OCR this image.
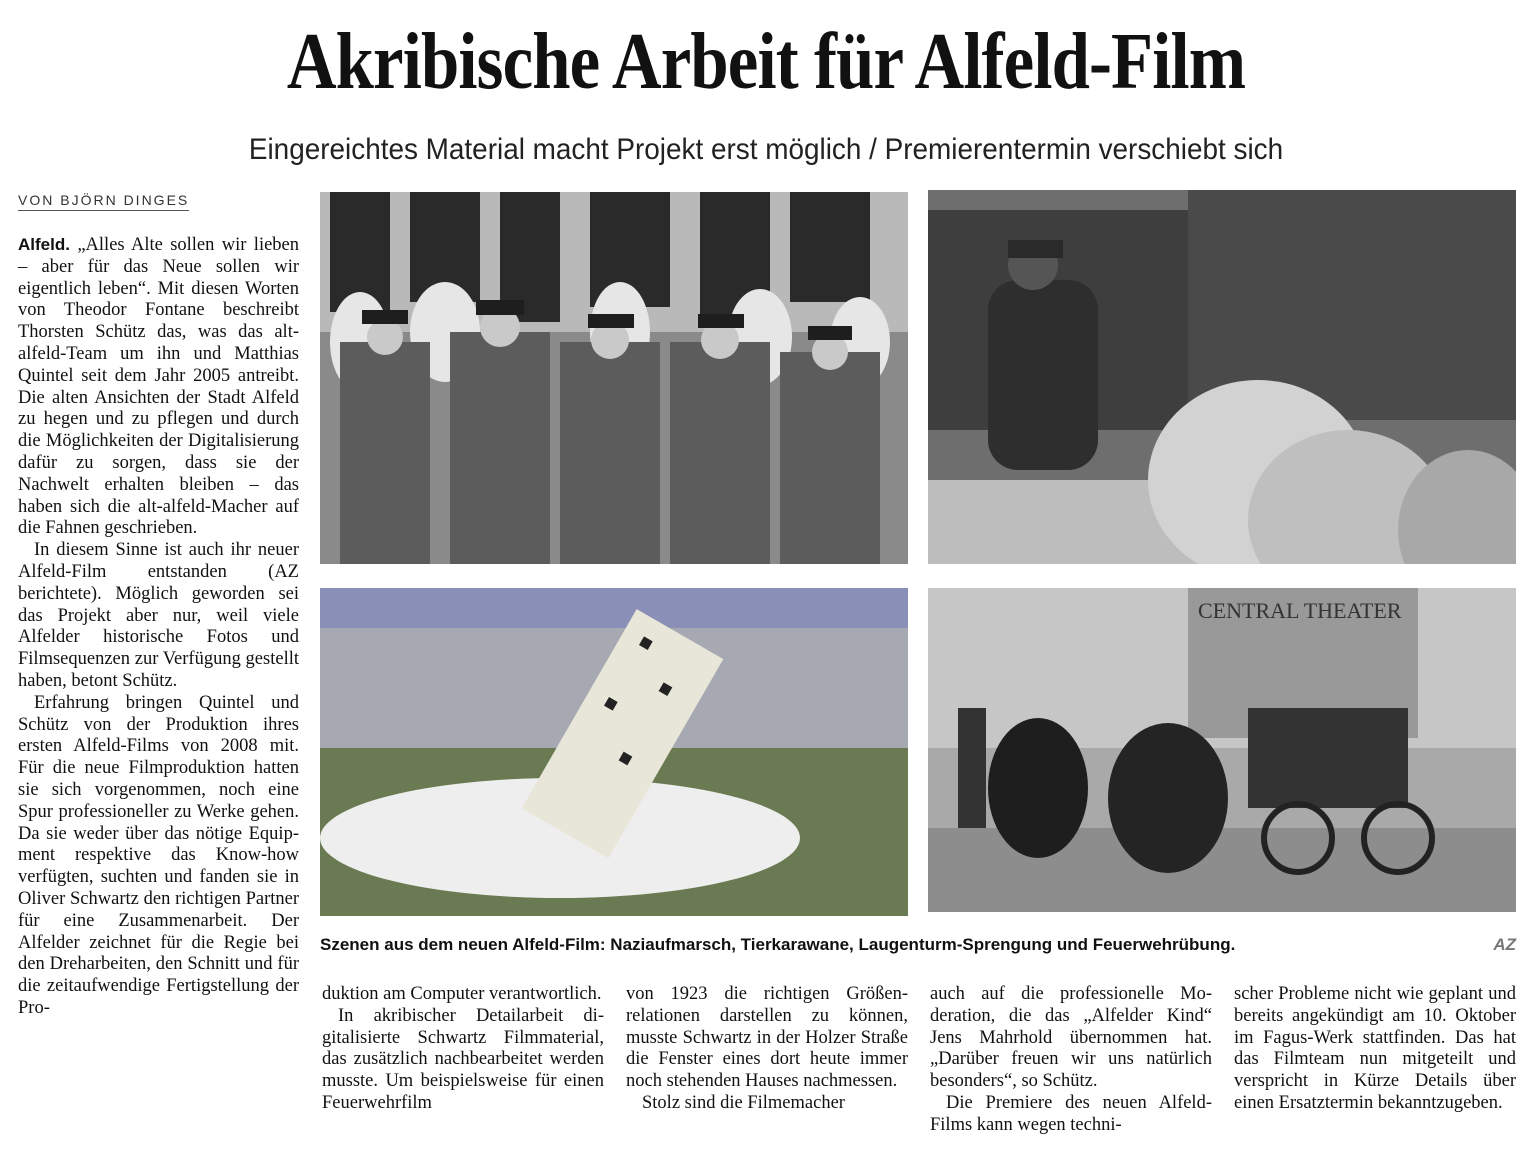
Akribische Arbeit für Alfeld-Film
Eingereichtes Material macht Projekt erst möglich / Premierentermin verschiebt sich
VON BJÖRN DINGES

Alfeld. „Alles Alte sollen wir lieben – aber für das Neue sollen wir eigentlich leben“. Mit diesen Worten von Theodor Fontane beschreibt Thorsten Schütz das, was das alt-alfeld-Team um ihn und Matthias Quintel seit dem Jahr 2005 antreibt. Die alten Ansichten der Stadt Alfeld zu hegen und zu pflegen und durch die Möglichkeiten der Digitalisierung dafür zu sorgen, dass sie der Nachwelt erhalten bleiben – das haben sich die alt-alfeld-Macher auf die Fahnen geschrieben.

In diesem Sinne ist auch ihr neuer Alfeld-Film entstanden (AZ berichtete). Möglich geworden sei das Projekt aber nur, weil viele Alfelder historische Fotos und Filmsequenzen zur Verfügung gestellt haben, betont Schütz.

Erfahrung bringen Quintel und Schütz von der Produktion ihres ersten Alfeld-Films von 2008 mit. Für die neue Filmproduktion hatten sie sich vorgenommen, noch eine Spur professioneller zu Werke gehen. Da sie weder über das nötige Equipment respektive das Know-how verfügten, suchten und fanden sie in Oliver Schwartz den richtigen Partner für eine Zusammenarbeit. Der Alfelder zeichnet für die Regie bei den Dreharbeiten, den Schnitt und für die zeitaufwendige Fertigstellung der Pro-

CENTRAL THEATER
Szenen aus dem neuen Alfeld-Film: Naziaufmarsch, Tierkarawane, Laugenturm-Sprengung und Feuerwehrübung.	AZ

duktion am Computer verantwortlich.

In akribischer Detailarbeit digitalisierte Schwartz Filmmaterial, das zusätzlich nachbearbeitet werden musste. Um beispielsweise für einen Feuerwehrfilm

von 1923 die richtigen Größenrelationen darstellen zu können, musste Schwartz in der Holzer Straße die Fenster eines dort heute immer noch stehenden Hauses nachmessen.

Stolz sind die Filmemacher

auch auf die professionelle Moderation, die das „Alfelder Kind“ Jens Mahrhold übernommen hat. „Darüber freuen wir uns natürlich besonders“, so Schütz.

Die Premiere des neuen Alfeld-Films kann wegen techni-

scher Probleme nicht wie geplant und bereits angekündigt am 10. Oktober im Fagus-Werk stattfinden. Das hat das Filmteam nun mitgeteilt und verspricht in Kürze Details über einen Ersatztermin bekanntzugeben.
